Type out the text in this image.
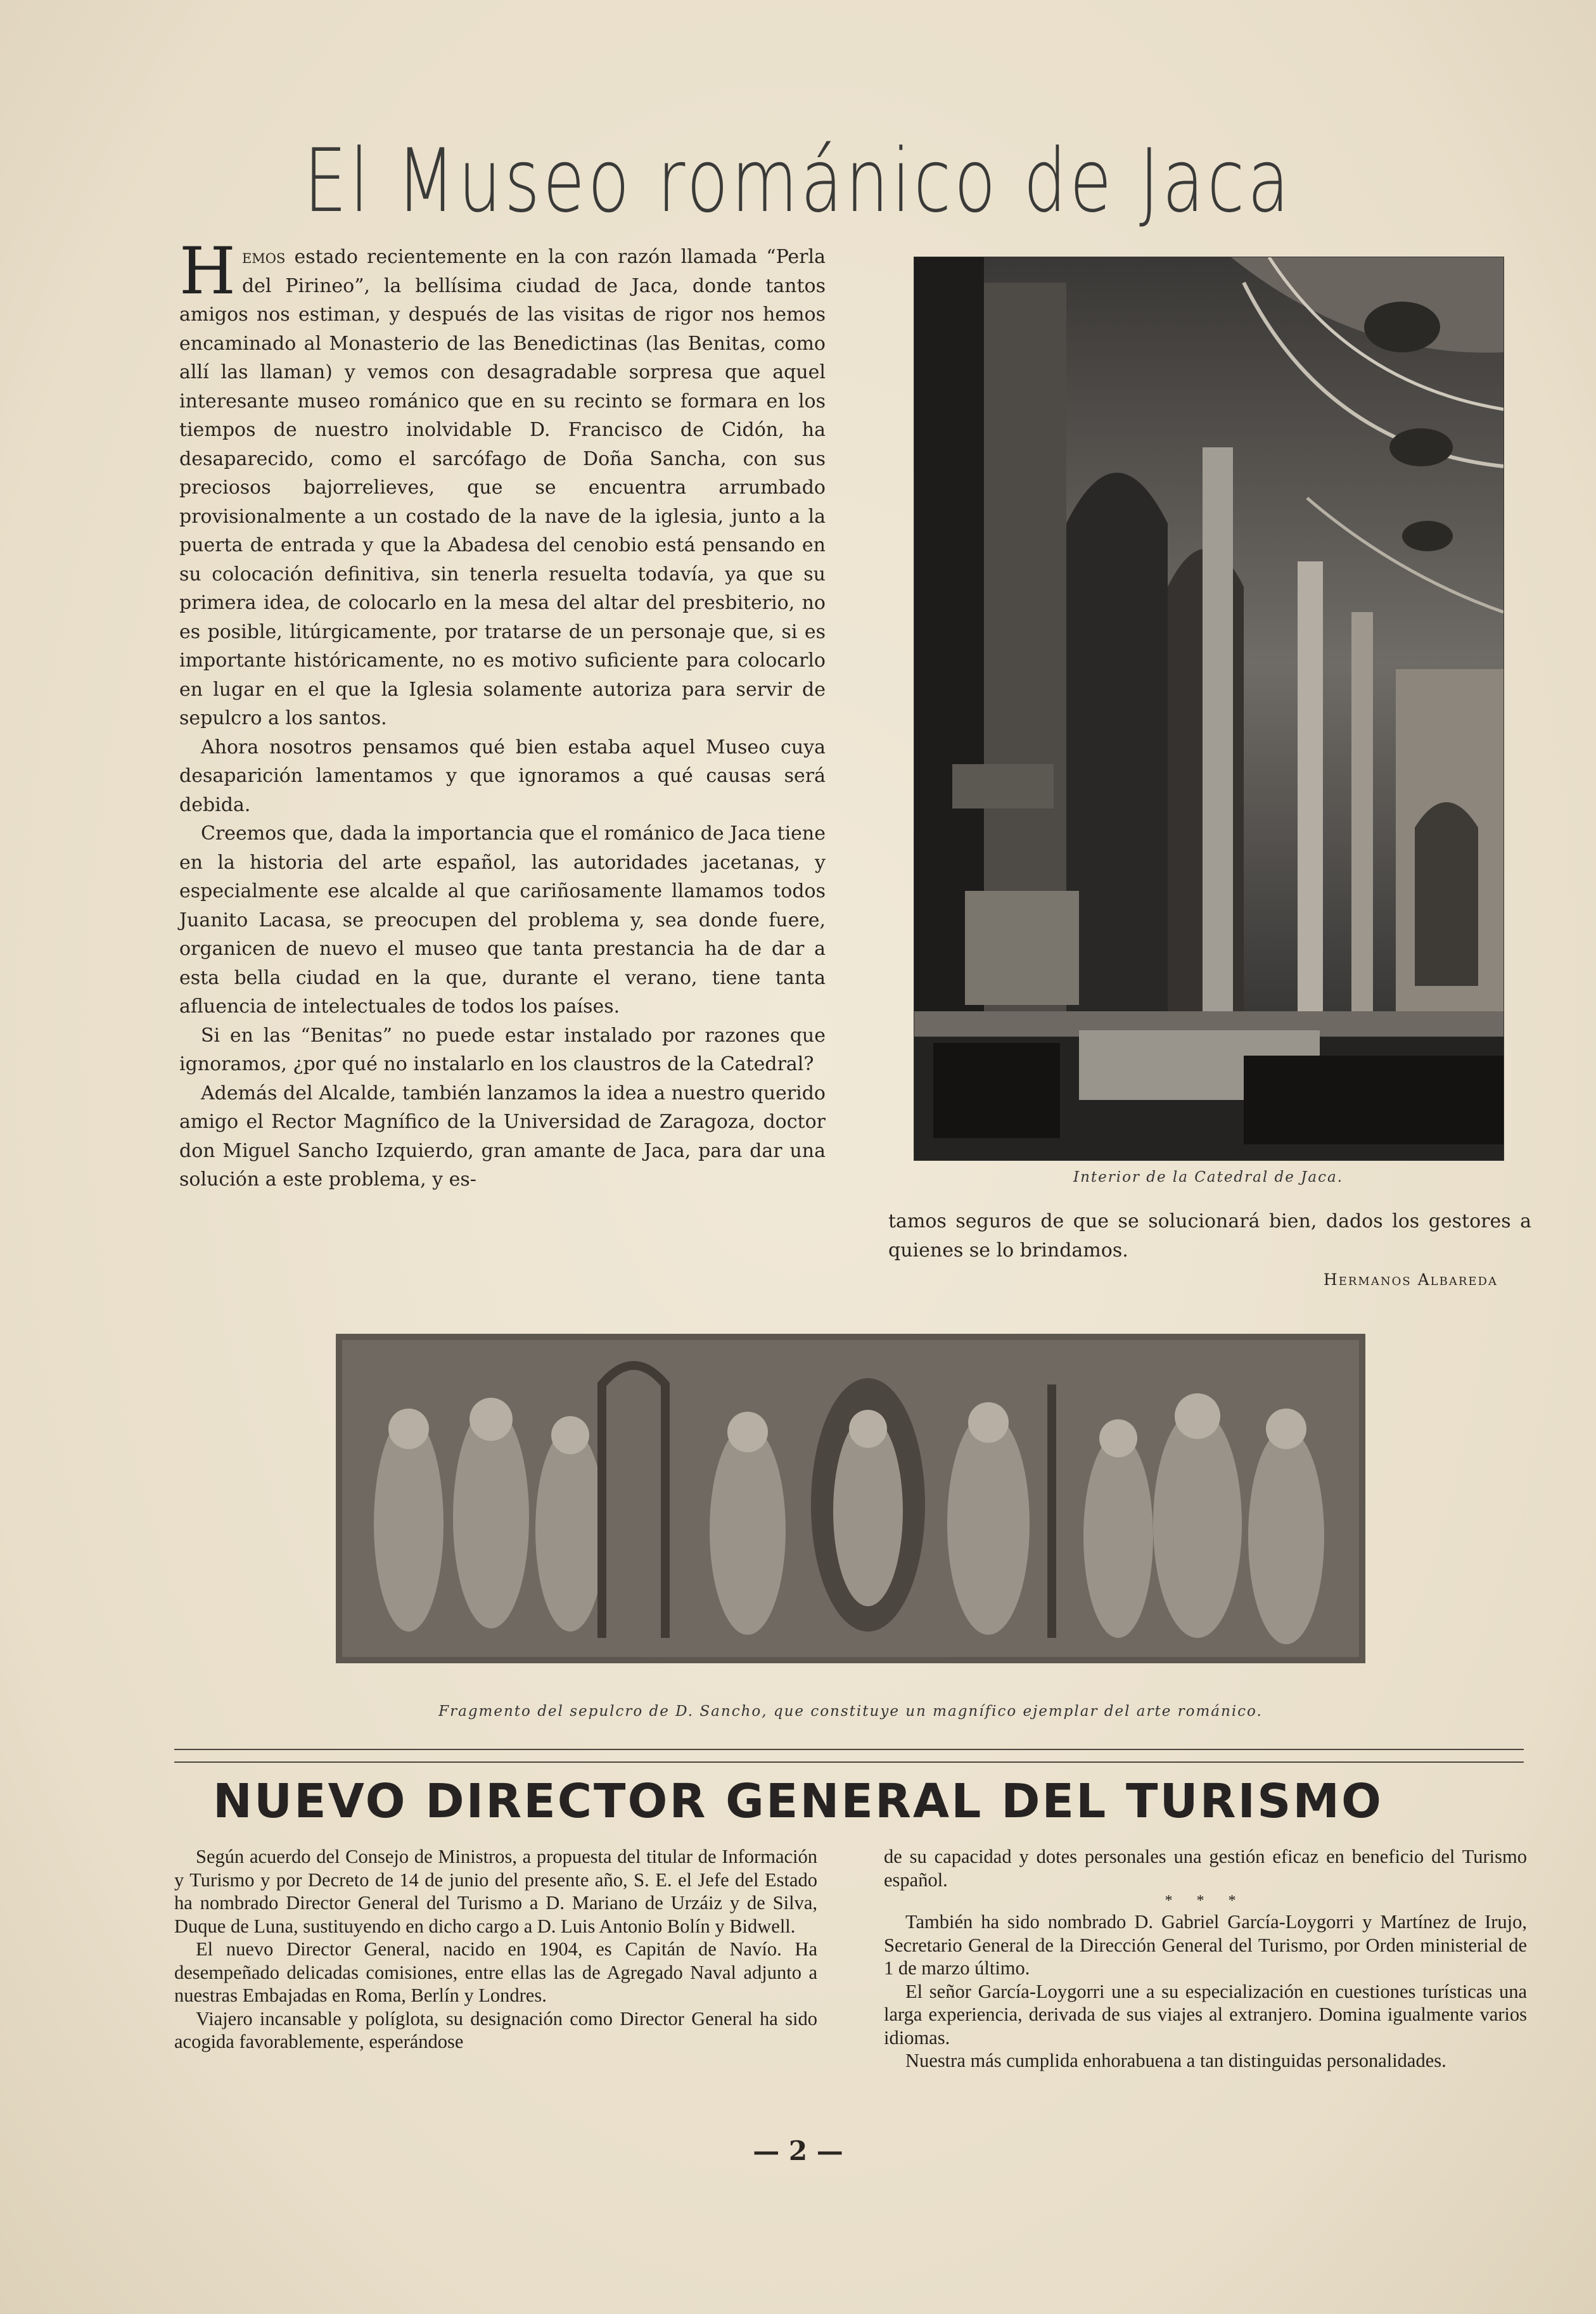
El Museo románico de Jaca

Hemos estado recientemente en la con razón llamada “Perla del Pirineo”, la bellísima ciudad de Jaca, donde tantos amigos nos estiman, y después de las visitas de rigor nos hemos encaminado al Monasterio de las Benedictinas (las Benitas, como allí las llaman) y vemos con desagradable sorpresa que aquel interesante museo románico que en su recinto se formara en los tiempos de nuestro inolvidable D. Francisco de Cidón, ha desaparecido, como el sarcófago de Doña Sancha, con sus preciosos bajorrelieves, que se encuentra arrumbado provisionalmente a un costado de la nave de la iglesia, junto a la puerta de entrada y que la Abadesa del cenobio está pensando en su colocación definitiva, sin tenerla resuelta todavía, ya que su primera idea, de colocarlo en la mesa del altar del presbiterio, no es posible, litúrgicamente, por tratarse de un personaje que, si es importante históricamente, no es motivo suficiente para colocarlo en lugar en el que la Iglesia solamente autoriza para servir de sepulcro a los santos.

Ahora nosotros pensamos qué bien estaba aquel Museo cuya desaparición lamentamos y que ignoramos a qué causas será debida.

Creemos que, dada la importancia que el románico de Jaca tiene en la historia del arte español, las autoridades jacetanas, y especialmente ese alcalde al que cariñosamente llamamos todos Juanito Lacasa, se preocupen del problema y, sea donde fuere, organicen de nuevo el museo que tanta prestancia ha de dar a esta bella ciudad en la que, durante el verano, tiene tanta afluencia de intelectuales de todos los países.

Si en las “Benitas” no puede estar instalado por razones que ignoramos, ¿por qué no instalarlo en los claustros de la Catedral?

Además del Alcalde, también lanzamos la idea a nuestro querido amigo el Rector Magnífico de la Universidad de Zaragoza, doctor don Miguel Sancho Izquierdo, gran amante de Jaca, para dar una solución a este problema, y es-	Interior de la Catedral de Jaca.

tamos seguros de que se solucionará bien, dados los gestores a quienes se lo brindamos.

Hermanos Albareda
Fragmento del sepulcro de D. Sancho, que constituye un magnífico ejemplar del arte románico.
NUEVO DIRECTOR GENERAL DEL TURISMO

Según acuerdo del Consejo de Ministros, a propuesta del titular de Información y Turismo y por Decreto de 14 de junio del presente año, S. E. el Jefe del Estado ha nombrado Director General del Turismo a D. Mariano de Urzáiz y de Silva, Duque de Luna, sustituyendo en dicho cargo a D. Luis Antonio Bolín y Bidwell.

El nuevo Director General, nacido en 1904, es Capitán de Navío. Ha desempeñado delicadas comisiones, entre ellas las de Agregado Naval adjunto a nuestras Embajadas en Roma, Berlín y Londres.

Viajero incansable y políglota, su designación como Director General ha sido acogida favorablemente, esperándose

de su capacidad y dotes personales una gestión eficaz en beneficio del Turismo español.

* * *

También ha sido nombrado D. Gabriel García-Loygorri y Martínez de Irujo, Secretario General de la Dirección General del Turismo, por Orden ministerial de 1 de marzo último.

El señor García-Loygorri une a su especialización en cuestiones turísticas una larga experiencia, derivada de sus viajes al extranjero. Domina igualmente varios idiomas.

Nuestra más cumplida enhorabuena a tan distinguidas personalidades.

— 2 —
